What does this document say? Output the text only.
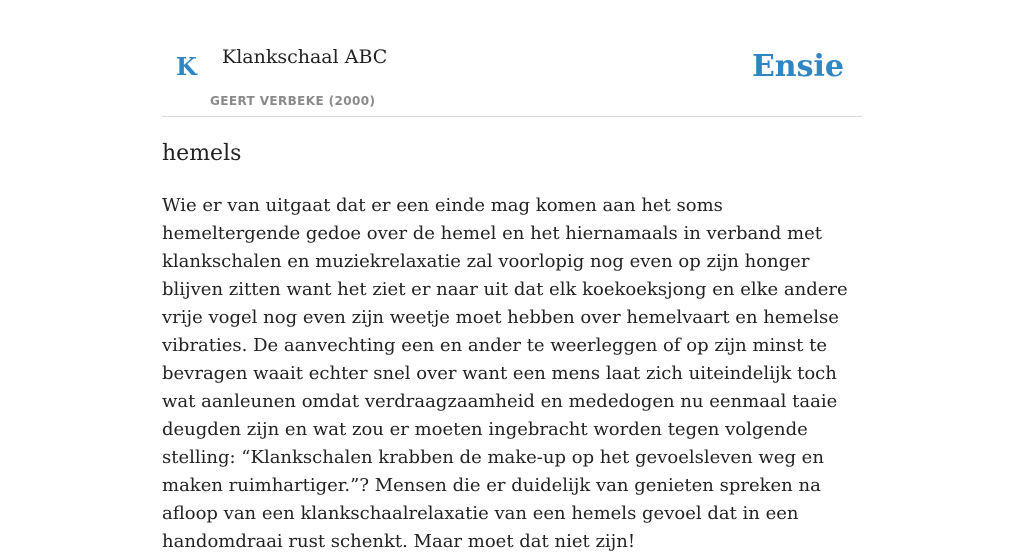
K Klankschaal ABC
GEERT VERBEKE (2000)
Ensie
hemels

Wie er van uitgaat dat er een einde mag komen aan het soms hemeltergende gedoe over de hemel en het hiernamaals in verband met klankschalen en muziekrelaxatie zal voorlopig nog even op zijn honger blijven zitten want het ziet er naar uit dat elk koekoeksjong en elke andere vrije vogel nog even zijn weetje moet hebben over hemelvaart en hemelse vibraties. De aanvechting een en ander te weerleggen of op zijn minst te bevragen waait echter snel over want een mens laat zich uiteindelijk toch wat aanleunen omdat verdraagzaamheid en mededogen nu eenmaal taaie deugden zijn en wat zou er moeten ingebracht worden tegen volgende stelling: “Klankschalen krabben de make-up op het gevoelsleven weg en maken ruimhartiger.”? Mensen die er duidelijk van genieten spreken na afloop van een klankschaalrelaxatie van een hemels gevoel dat in een handomdraai rust schenkt. Maar moet dat niet zijn!
